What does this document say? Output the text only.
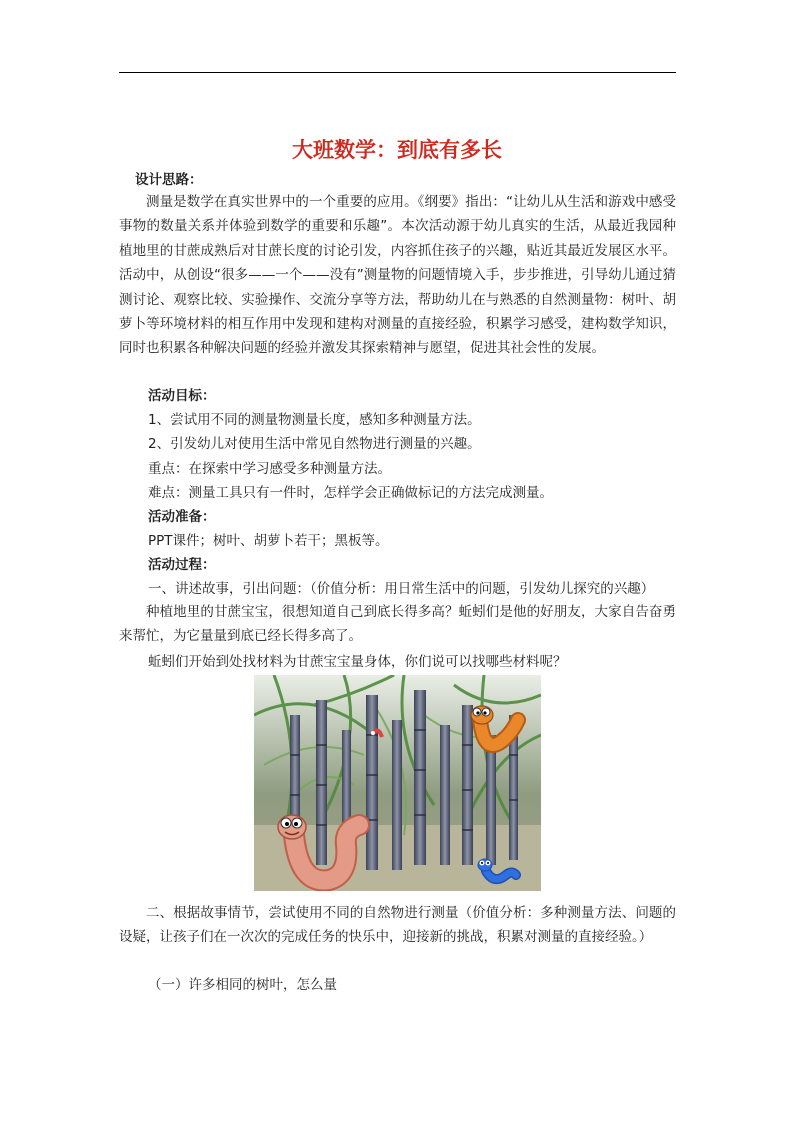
大班数学：到底有多长

设计思路：

测量是数学在真实世界中的一个重要的应用。《纲要》指出：“让幼儿从生活和游戏中感受事物的数量关系并体验到数学的重要和乐趣”。本次活动源于幼儿真实的生活，从最近我园种植地里的甘蔗成熟后对甘蔗长度的讨论引发，内容抓住孩子的兴趣，贴近其最近发展区水平。活动中，从创设“很多——一个——没有”测量物的问题情境入手，步步推进，引导幼儿通过猜测讨论、观察比较、实验操作、交流分享等方法，帮助幼儿在与熟悉的自然测量物：树叶、胡萝卜等环境材料的相互作用中发现和建构对测量的直接经验，积累学习感受，建构数学知识，同时也积累各种解决问题的经验并激发其探索精神与愿望，促进其社会性的发展。

活动目标：

1、尝试用不同的测量物测量长度，感知多种测量方法。

2、引发幼儿对使用生活中常见自然物进行测量的兴趣。

重点：在探索中学习感受多种测量方法。

难点：测量工具只有一件时，怎样学会正确做标记的方法完成测量。

活动准备：

PPT课件；树叶、胡萝卜若干；黑板等。

活动过程：

一、讲述故事，引出问题：（价值分析：用日常生活中的问题，引发幼儿探究的兴趣）

种植地里的甘蔗宝宝，很想知道自己到底长得多高？蚯蚓们是他的好朋友，大家自告奋勇来帮忙，为它量量到底已经长得多高了。

蚯蚓们开始到处找材料为甘蔗宝宝量身体，你们说可以找哪些材料呢？

二、根据故事情节，尝试使用不同的自然物进行测量（价值分析：多种测量方法、问题的设疑，让孩子们在一次次的完成任务的快乐中，迎接新的挑战，积累对测量的直接经验。）

（一）许多相同的树叶，怎么量
